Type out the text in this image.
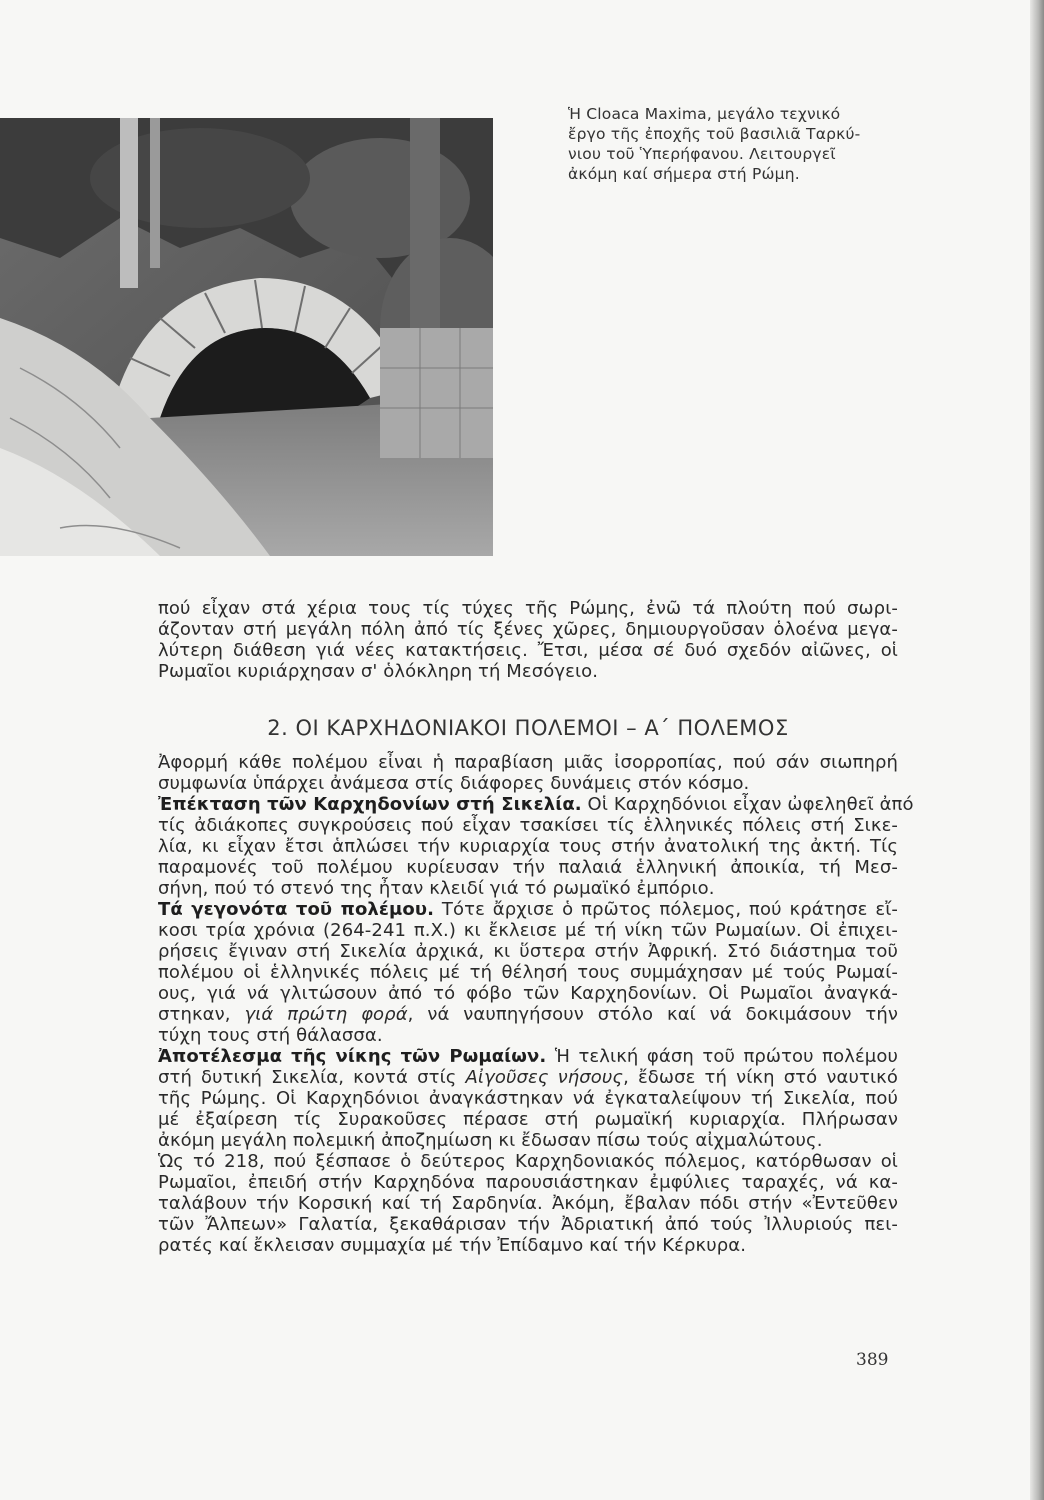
Ἡ Cloaca Maxima, μεγάλο τεχνικό
ἔργο τῆς ἐποχῆς τοῦ βασιλιᾶ Ταρκύ-
νιου τοῦ Ὑπερήφανου. Λειτουργεῖ
ἀκόμη καί σήμερα στή Ρώμη.
πού εἶχαν στά χέρια τους τίς τύχες τῆς Ρώμης, ἐνῶ τά πλούτη πού σωρι-
άζονταν στή μεγάλη πόλη ἀπό τίς ξένες χῶρες, δημιουργοῦσαν ὁλοένα μεγα-
λύτερη διάθεση γιά νέες κατακτήσεις. Ἔτσι, μέσα σέ δυό σχεδόν αἰῶνες, οἱ
Ρωμαῖοι κυριάρχησαν σ' ὁλόκληρη τή Μεσόγειο.
2. ΟΙ ΚΑΡΧΗΔΟΝΙΑΚΟΙ ΠΟΛΕΜΟΙ – Α΄ ΠΟΛΕΜΟΣ
Ἀφορμή κάθε πολέμου εἶναι ἡ παραβίαση μιᾶς ἰσορροπίας, πού σάν σιωπηρή
συμφωνία ὑπάρχει ἀνάμεσα στίς διάφορες δυνάμεις στόν κόσμο.
Ἐπέκταση τῶν Καρχηδονίων στή Σικελία. Οἱ Καρχηδόνιοι εἶχαν ὠφεληθεῖ ἀπό
τίς ἀδιάκοπες συγκρούσεις πού εἶχαν τσακίσει τίς ἑλληνικές πόλεις στή Σικε-
λία, κι εἶχαν ἔτσι ἁπλώσει τήν κυριαρχία τους στήν ἀνατολική της ἀκτή. Τίς
παραμονές τοῦ πολέμου κυρίευσαν τήν παλαιά ἑλληνική ἀποικία, τή Μεσ-
σήνη, πού τό στενό της ἦταν κλειδί γιά τό ρωμαϊκό ἐμπόριο.
Τά γεγονότα τοῦ πολέμου. Τότε ἄρχισε ὁ πρῶτος πόλεμος, πού κράτησε εἴ-
κοσι τρία χρόνια (264-241 π.Χ.) κι ἔκλεισε μέ τή νίκη τῶν Ρωμαίων. Οἱ ἐπιχει-
ρήσεις ἔγιναν στή Σικελία ἀρχικά, κι ὕστερα στήν Ἀφρική. Στό διάστημα τοῦ
πολέμου οἱ ἑλληνικές πόλεις μέ τή θέλησή τους συμμάχησαν μέ τούς Ρωμαί-
ους, γιά νά γλιτώσουν ἀπό τό φόβο τῶν Καρχηδονίων. Οἱ Ρωμαῖοι ἀναγκά-
στηκαν, γιά πρώτη φορά, νά ναυπηγήσουν στόλο καί νά δοκιμάσουν τήν
τύχη τους στή θάλασσα.
Ἀποτέλεσμα τῆς νίκης τῶν Ρωμαίων. Ἡ τελική φάση τοῦ πρώτου πολέμου
στή δυτική Σικελία, κοντά στίς Αἰγοῦσες νήσους, ἔδωσε τή νίκη στό ναυτικό
τῆς Ρώμης. Οἱ Καρχηδόνιοι ἀναγκάστηκαν νά ἐγκαταλείψουν τή Σικελία, πού
μέ ἐξαίρεση τίς Συρακοῦσες πέρασε στή ρωμαϊκή κυριαρχία. Πλήρωσαν
ἀκόμη μεγάλη πολεμική ἀποζημίωση κι ἔδωσαν πίσω τούς αἰχμαλώτους.
Ὡς τό 218, πού ξέσπασε ὁ δεύτερος Καρχηδονιακός πόλεμος, κατόρθωσαν οἱ
Ρωμαῖοι, ἐπειδή στήν Καρχηδόνα παρουσιάστηκαν ἐμφύλιες ταραχές, νά κα-
ταλάβουν τήν Κορσική καί τή Σαρδηνία. Ἀκόμη, ἔβαλαν πόδι στήν «Ἐντεῦθεν
τῶν Ἄλπεων» Γαλατία, ξεκαθάρισαν τήν Ἀδριατική ἀπό τούς Ἰλλυριούς πει-
ρατές καί ἔκλεισαν συμμαχία μέ τήν Ἐπίδαμνο καί τήν Κέρκυρα.
389
